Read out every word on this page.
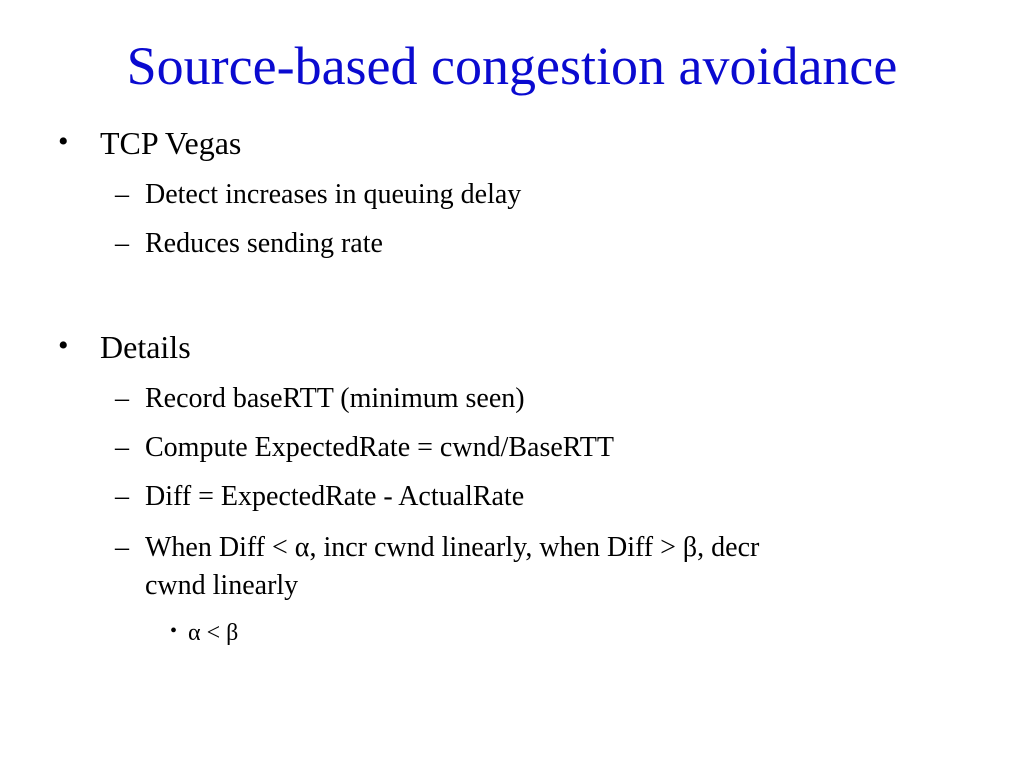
Source-based congestion avoidance
• TCP Vegas
– Detect increases in queuing delay
– Reduces sending rate
• Details
– Record baseRTT (minimum seen)
– Compute ExpectedRate = cwnd/BaseRTT
– Diff = ExpectedRate - ActualRate
– When Diff < α, incr cwnd linearly, when Diff > β, decr
cwnd linearly
• α < β
